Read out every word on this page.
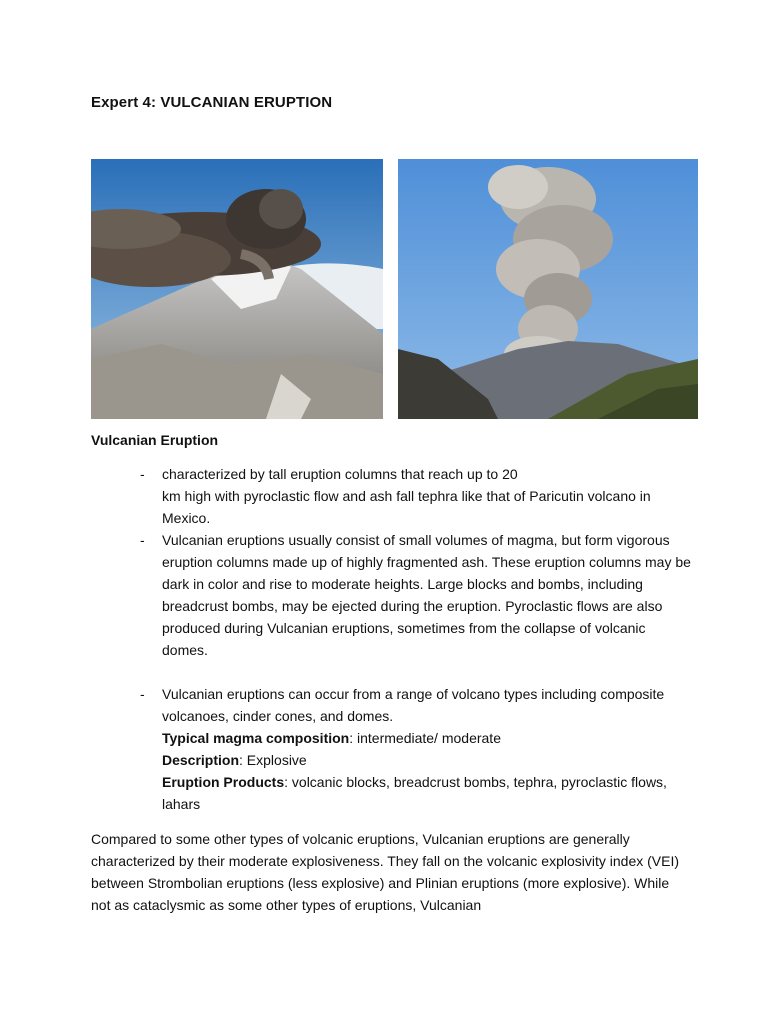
Expert 4: VULCANIAN ERUPTION
Vulcanian Eruption
- characterized by tall eruption columns that reach up to 20
km high with pyroclastic flow and ash fall tephra like that of Paricutin volcano in Mexico.
- Vulcanian eruptions usually consist of small volumes of magma, but form vigorous eruption columns made up of highly fragmented ash. These eruption columns may be dark in color and rise to moderate heights. Large blocks and bombs, including breadcrust bombs, may be ejected during the eruption. Pyroclastic flows are also produced during Vulcanian eruptions, sometimes from the collapse of volcanic domes.
- Vulcanian eruptions can occur from a range of volcano types including composite volcanoes, cinder cones, and domes.
Typical magma composition: intermediate/ moderate
Description: Explosive
Eruption Products: volcanic blocks, breadcrust bombs, tephra, pyroclastic flows, lahars
Compared to some other types of volcanic eruptions, Vulcanian eruptions are generally characterized by their moderate explosiveness. They fall on the volcanic explosivity index (VEI) between Strombolian eruptions (less explosive) and Plinian eruptions (more explosive). While not as cataclysmic as some other types of eruptions, Vulcanian
